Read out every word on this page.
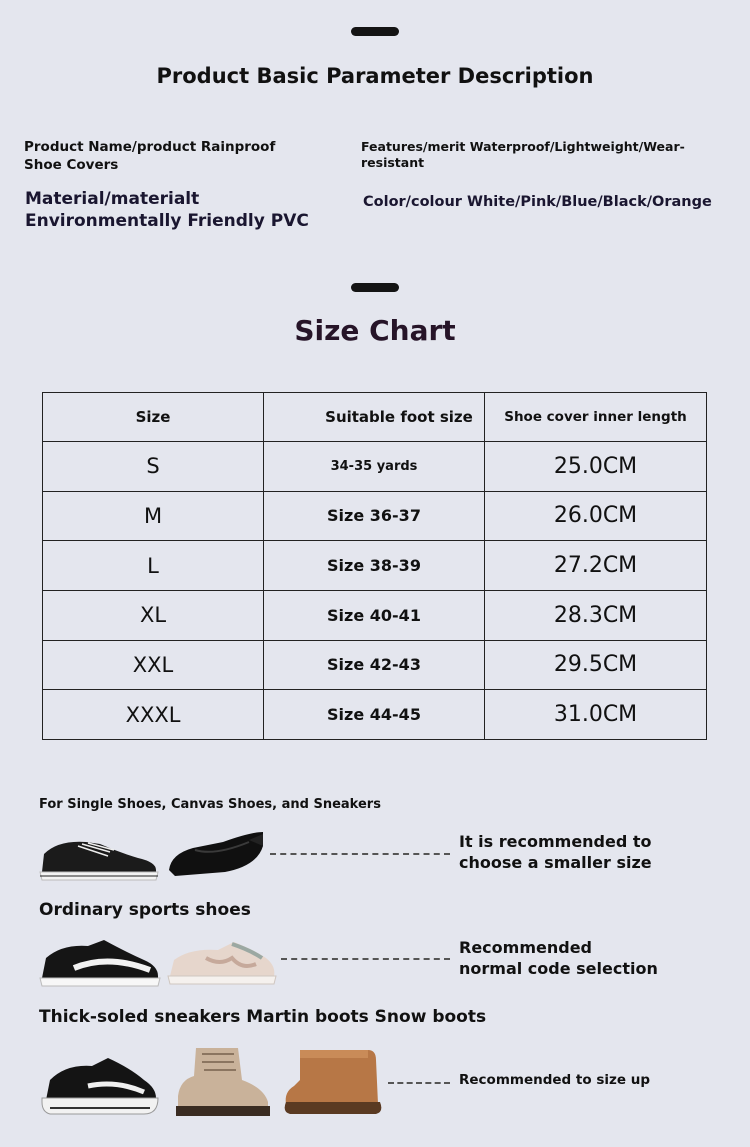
Product Basic Parameter Description
Product Name/product Rainproof Shoe Covers
Features/merit Waterproof/Lightweight/Wear-resistant
Material/materialt Environmentally Friendly PVC
Color/colour White/Pink/Blue/Black/Orange
Size Chart
Size	Suitable foot size	Shoe cover inner length
S	34-35 yards	25.0CM
M	Size 36-37	26.0CM
L	Size 38-39	27.2CM
XL	Size 40-41	28.3CM
XXL	Size 42-43	29.5CM
XXXL	Size 44-45	31.0CM
For Single Shoes, Canvas Shoes, and Sneakers
It is recommended to
choose a smaller size
Ordinary sports shoes
Recommended
normal code selection
Thick-soled sneakers Martin boots Snow boots
Recommended to size up
